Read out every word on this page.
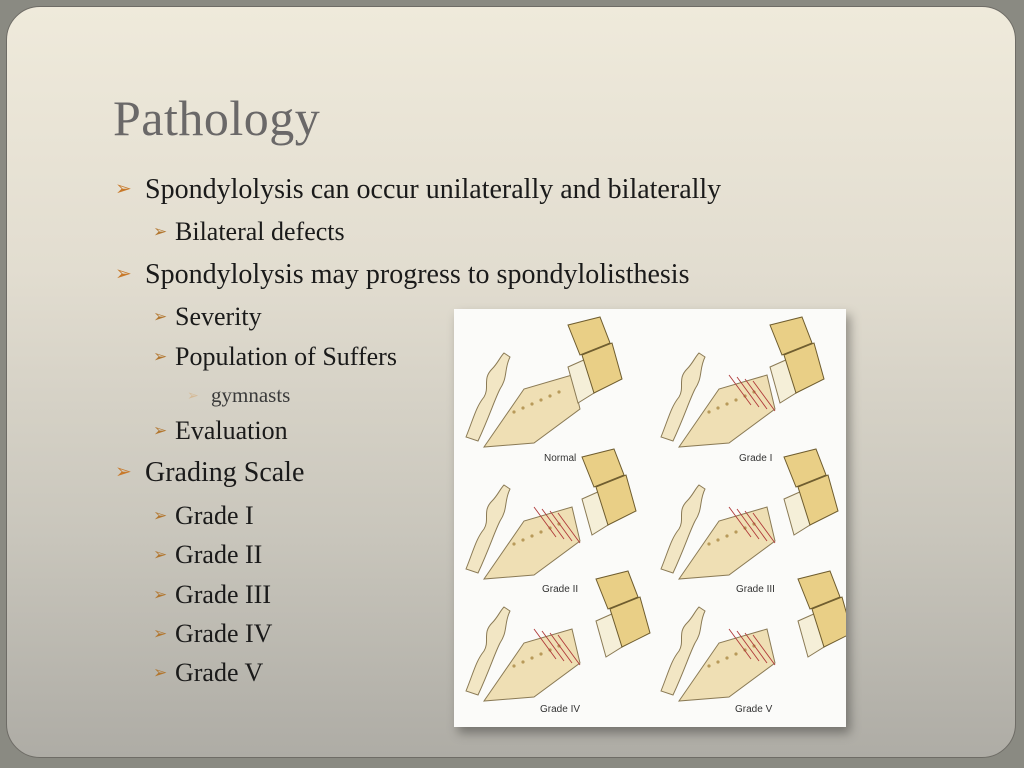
Pathology
➢ Spondylolysis can occur unilaterally and bilaterally
➢ Bilateral defects
➢ Spondylolysis may progress to spondylolisthesis
➢ Severity
➢ Population of Suffers
➢ gymnasts
➢ Evaluation
➢ Grading Scale
➢ Grade I
➢ Grade II
➢ Grade III
➢ Grade IV
➢ Grade V
Normal	Grade I
Grade II	Grade III
Grade IV	Grade V
